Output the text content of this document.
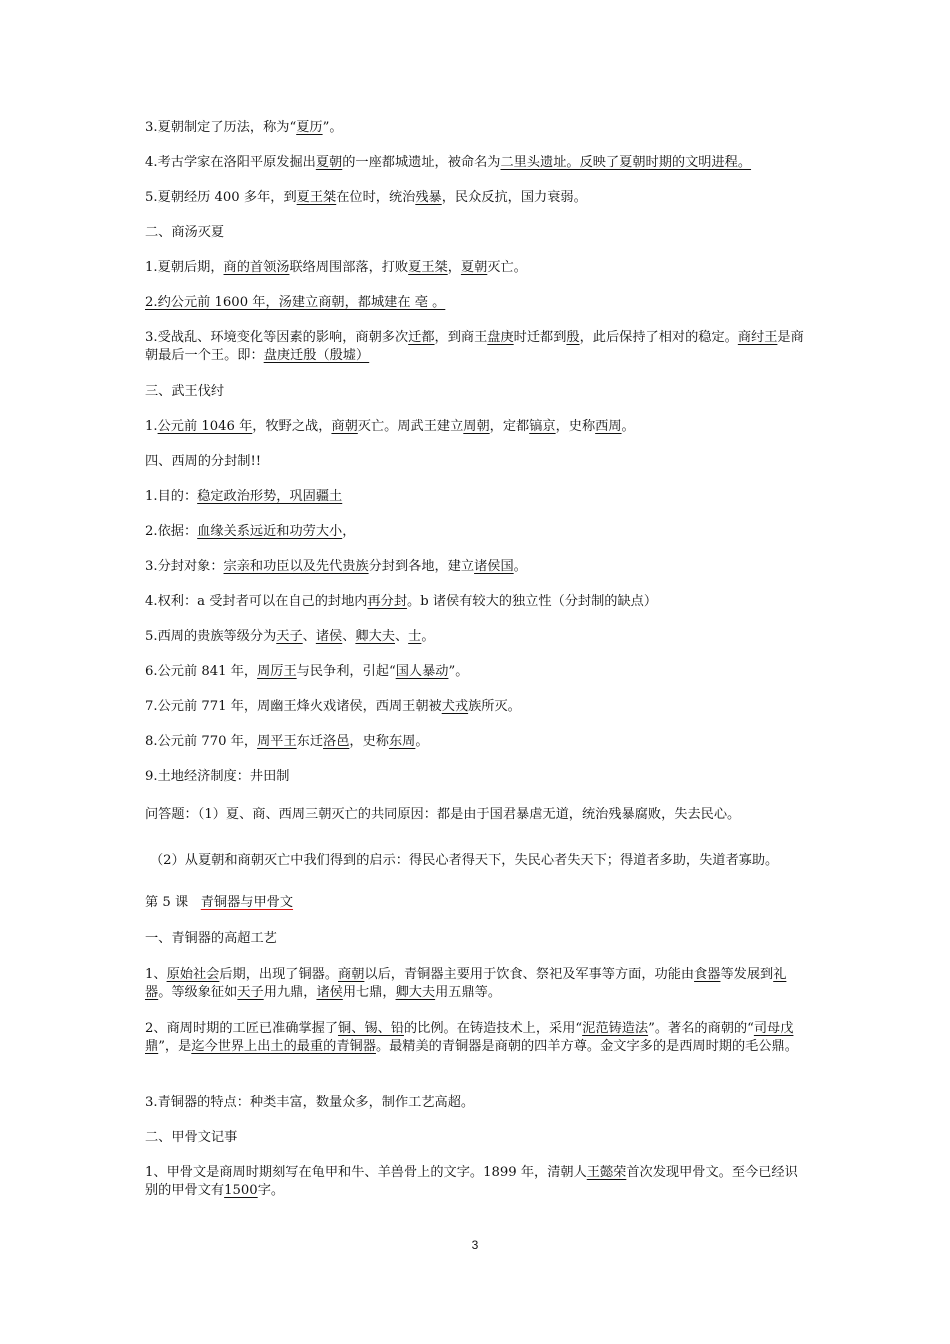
3.夏朝制定了历法，称为“夏历”。

4.考古学家在洛阳平原发掘出夏朝的一座都城遗址，被命名为二里头遗址。反映了夏朝时期的文明进程。

5.夏朝经历 400 多年，到夏王桀在位时，统治残暴，民众反抗，国力衰弱。

二、商汤灭夏

1.夏朝后期，商的首领汤联络周围部落，打败夏王桀，夏朝灭亡。

2.约公元前 1600 年，汤建立商朝，都城建在 亳 。

3.受战乱、环境变化等因素的影响，商朝多次迁都，到商王盘庚时迁都到殷，此后保持了相对的稳定。商纣王是商朝最后一个王。即：盘庚迁殷（殷墟）

三、武王伐纣

1.公元前 1046 年，牧野之战，商朝灭亡。周武王建立周朝，定都镐京，史称西周。

四、西周的分封制!!

1.目的：稳定政治形势，巩固疆土

2.依据：血缘关系远近和功劳大小，

3.分封对象：宗亲和功臣以及先代贵族分封到各地，建立诸侯国。

4.权利：a 受封者可以在自己的封地内再分封。b 诸侯有较大的独立性（分封制的缺点）

5.西周的贵族等级分为天子、诸侯、卿大夫、士。

6.公元前 841 年，周厉王与民争利，引起“国人暴动”。

7.公元前 771 年，周幽王烽火戏诸侯，西周王朝被犬戎族所灭。

8.公元前 770 年，周平王东迁洛邑，史称东周。

9.土地经济制度：井田制

问答题：（1）夏、商、西周三朝灭亡的共同原因：都是由于国君暴虐无道，统治残暴腐败，失去民心。

（2）从夏朝和商朝灭亡中我们得到的启示：得民心者得天下，失民心者失天下；得道者多助，失道者寡助。

第 5 课   青铜器与甲骨文

一、青铜器的高超工艺

1、原始社会后期，出现了铜器。商朝以后，青铜器主要用于饮食、祭祀及军事等方面，功能由食器等发展到礼器。等级象征如天子用九鼎，诸侯用七鼎，卿大夫用五鼎等。

2、商周时期的工匠已准确掌握了铜、锡、铅的比例。在铸造技术上，采用“泥范铸造法”。著名的商朝的“司母戊鼎”，是迄今世界上出土的最重的青铜器。最精美的青铜器是商朝的四羊方尊。金文字多的是西周时期的毛公鼎。

3.青铜器的特点：种类丰富，数量众多，制作工艺高超。

二、甲骨文记事

1、甲骨文是商周时期刻写在龟甲和牛、羊兽骨上的文字。1899 年，清朝人王懿荣首次发现甲骨文。至今已经识别的甲骨文有1500字。

3
